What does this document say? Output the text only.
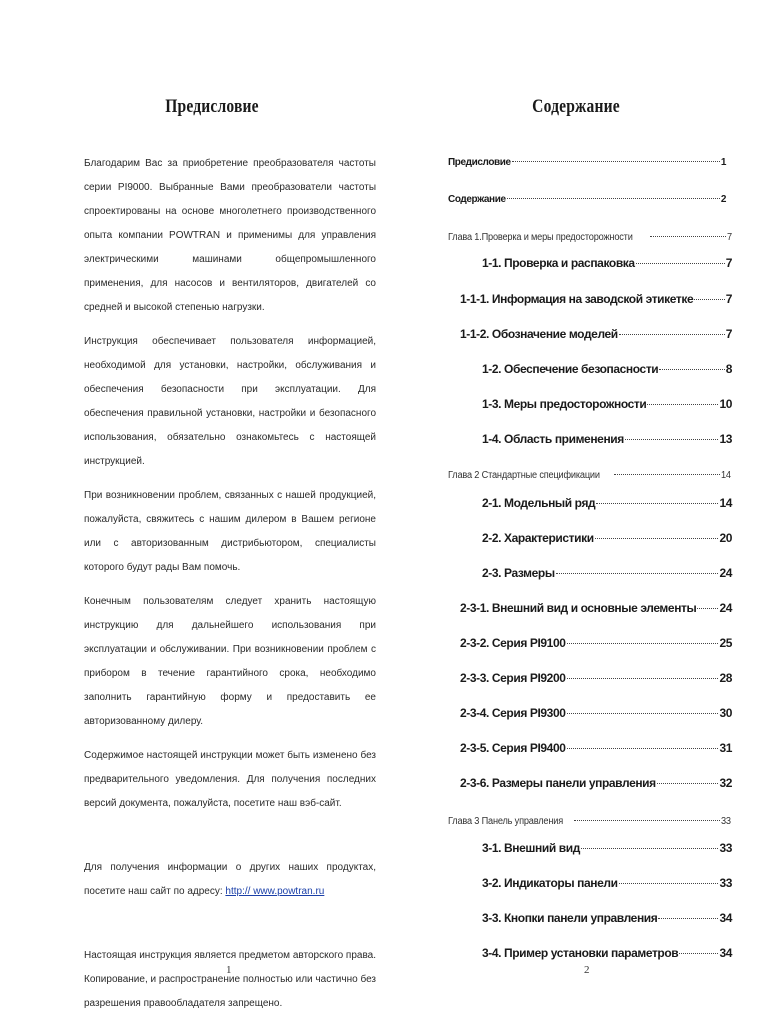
Предисловие

Благодарим Вас за приобретение преобразователя частоты серии PI9000. Выбранные Вами преобразователи частоты спроектированы на основе многолетнего производственного опыта компании POWTRAN и применимы для управления электрическими машинами общепромышленного применения, для насосов и вентиляторов, двигателей со средней и высокой степенью нагрузки.

Инструкция обеспечивает пользователя информацией, необходимой для установки, настройки, обслуживания и обеспечения безопасности при эксплуатации. Для обеспечения правильной установки, настройки и безопасного использования, обязательно ознакомьтесь с настоящей инструкцией.

При возникновении проблем, связанных с нашей продукцией, пожалуйста, свяжитесь с нашим дилером в Вашем регионе или с авторизованным дистрибьютором, специалисты которого будут рады Вам помочь.

Конечным пользователям следует хранить настоящую инструкцию для дальнейшего использования при эксплуатации и обслуживании. При возникновении проблем с прибором в течение гарантийного срока, необходимо заполнить гарантийную форму и предоставить ее авторизованному дилеру.

Содержимое настоящей инструкции может быть изменено без предварительного уведомления. Для получения последних версий документа, пожалуйста, посетите наш вэб-сайт.

Для получения информации о других наших продуктах, посетите наш сайт по адресу: http:// www.powtran.ru

Настоящая инструкция является предметом авторского права. Копирование, и распространение полностью или частично без разрешения правообладателя запрещено.

1
Содержание
Предисловие	1
Содержание	2
Глава 1.Проверка и меры предосторожности	7
1-1. Проверка и распаковка	7
1-1-1. Информация на заводской этикетке	7
1-1-2. Обозначение моделей	7
1-2. Обеспечение безопасности	8
1-3. Меры предосторожности	10
1-4. Область применения	13
Глава 2 Стандартные спецификации	14
2-1. Модельный ряд	14
2-2. Характеристики	20
2-3. Размеры	24
2-3-1. Внешний вид и основные элементы 24
2-3-2. Серия PI9100	25
2-3-3. Серия PI9200	28
2-3-4. Серия PI9300	30
2-3-5. Серия PI9400	31
2-3-6. Размеры панели управления	32
Глава 3 Панель управления	33
3-1. Внешний вид	33
3-2. Индикаторы панели	33
3-3. Кнопки панели управления	34
3-4. Пример установки параметров	34
2
